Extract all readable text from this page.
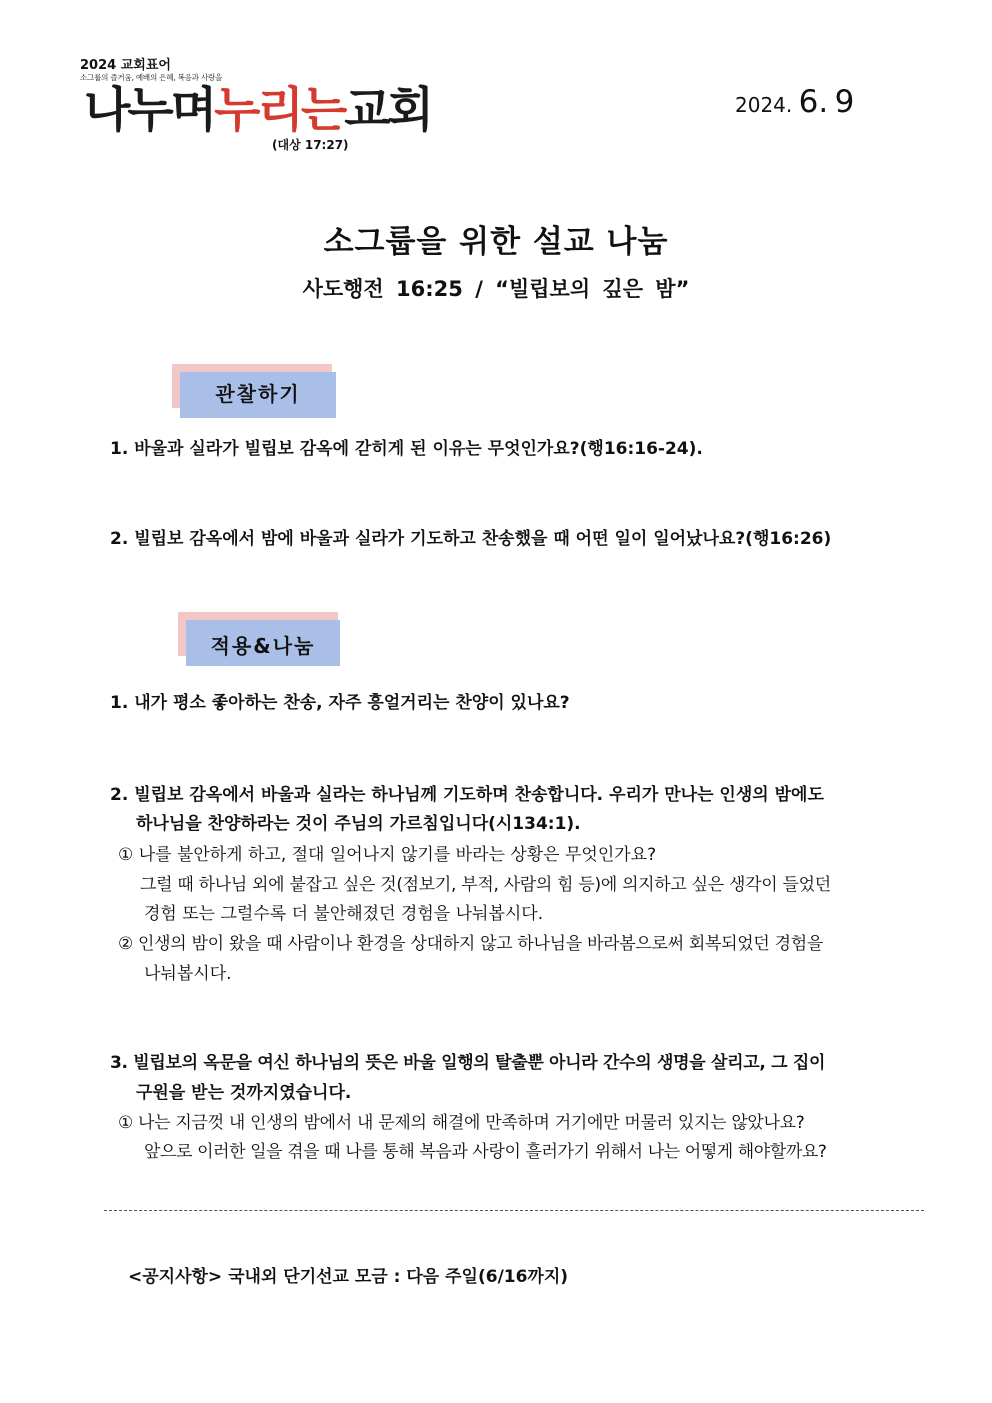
2024 교회표어
소그룹의 즐거움, 예배의 은혜, 복음과 사랑을
나누며누리는교회
(대상 17:27)
2024. 6. 9
소그룹을 위한 설교 나눔
사도행전 16:25 / “빌립보의 깊은 밤”
관찰하기
1. 바울과 실라가 빌립보 감옥에 갇히게 된 이유는 무엇인가요?(행16:16-24).
2. 빌립보 감옥에서 밤에 바울과 실라가 기도하고 찬송했을 때 어떤 일이 일어났나요?(행16:26)
적용&나눔
1. 내가 평소 좋아하는 찬송, 자주 흥얼거리는 찬양이 있나요?
2. 빌립보 감옥에서 바울과 실라는 하나님께 기도하며 찬송합니다. 우리가 만나는 인생의 밤에도
하나님을 찬양하라는 것이 주님의 가르침입니다(시134:1).
① 나를 불안하게 하고, 절대 일어나지 않기를 바라는 상황은 무엇인가요?
그럴 때 하나님 외에 붙잡고 싶은 것(점보기, 부적, 사람의 힘 등)에 의지하고 싶은 생각이 들었던
경험 또는 그럴수록 더 불안해졌던 경험을 나눠봅시다.
② 인생의 밤이 왔을 때 사람이나 환경을 상대하지 않고 하나님을 바라봄으로써 회복되었던 경험을
나눠봅시다.
3. 빌립보의 옥문을 여신 하나님의 뜻은 바울 일행의 탈출뿐 아니라 간수의 생명을 살리고, 그 집이
구원을 받는 것까지였습니다.
① 나는 지금껏 내 인생의 밤에서 내 문제의 해결에 만족하며 거기에만 머물러 있지는 않았나요?
앞으로 이러한 일을 겪을 때 나를 통해 복음과 사랑이 흘러가기 위해서 나는 어떻게 해야할까요?
<공지사항> 국내외 단기선교 모금 : 다음 주일(6/16까지)
